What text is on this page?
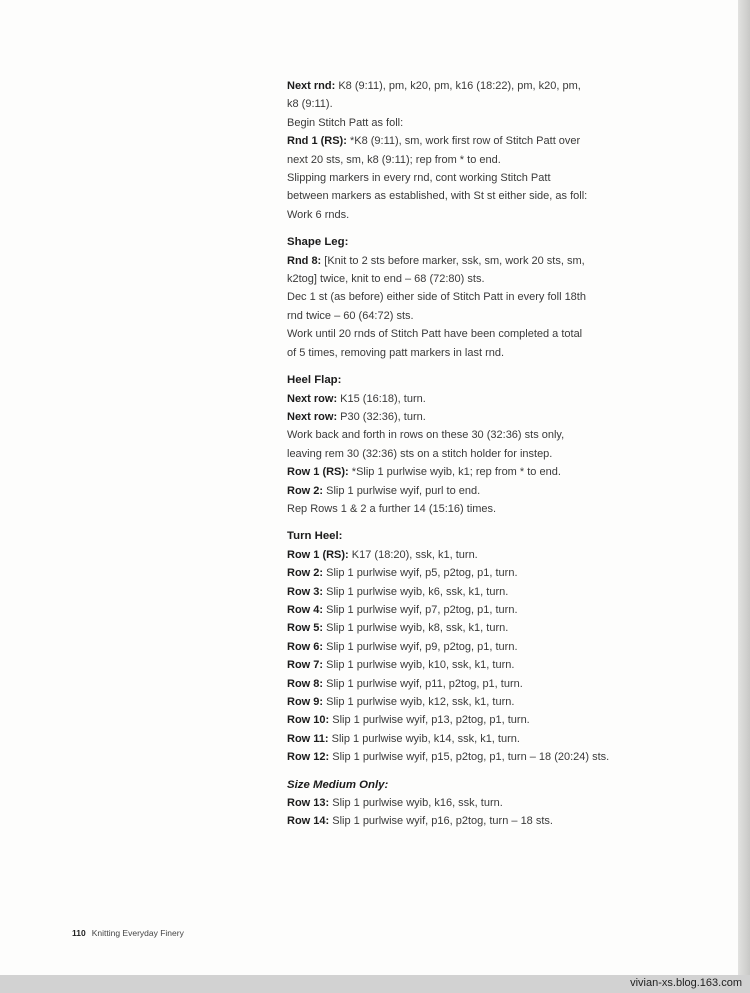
Next rnd: K8 (9:11), pm, k20, pm, k16 (18:22), pm, k20, pm,
k8 (9:11).
Begin Stitch Patt as foll:
Rnd 1 (RS): *K8 (9:11), sm, work first row of Stitch Patt over
next 20 sts, sm, k8 (9:11); rep from * to end.
Slipping markers in every rnd, cont working Stitch Patt
between markers as established, with St st either side, as foll:
Work 6 rnds.
Shape Leg:
Rnd 8: [Knit to 2 sts before marker, ssk, sm, work 20 sts, sm,
k2tog] twice, knit to end – 68 (72:80) sts.
Dec 1 st (as before) either side of Stitch Patt in every foll 18th
rnd twice – 60 (64:72) sts.
Work until 20 rnds of Stitch Patt have been completed a total
of 5 times, removing patt markers in last rnd.
Heel Flap:
Next row: K15 (16:18), turn.
Next row: P30 (32:36), turn.
Work back and forth in rows on these 30 (32:36) sts only,
leaving rem 30 (32:36) sts on a stitch holder for instep.
Row 1 (RS): *Slip 1 purlwise wyib, k1; rep from * to end.
Row 2: Slip 1 purlwise wyif, purl to end.
Rep Rows 1 & 2 a further 14 (15:16) times.
Turn Heel:
Row 1 (RS): K17 (18:20), ssk, k1, turn.
Row 2: Slip 1 purlwise wyif, p5, p2tog, p1, turn.
Row 3: Slip 1 purlwise wyib, k6, ssk, k1, turn.
Row 4: Slip 1 purlwise wyif, p7, p2tog, p1, turn.
Row 5: Slip 1 purlwise wyib, k8, ssk, k1, turn.
Row 6: Slip 1 purlwise wyif, p9, p2tog, p1, turn.
Row 7: Slip 1 purlwise wyib, k10, ssk, k1, turn.
Row 8: Slip 1 purlwise wyif, p11, p2tog, p1, turn.
Row 9: Slip 1 purlwise wyib, k12, ssk, k1, turn.
Row 10: Slip 1 purlwise wyif, p13, p2tog, p1, turn.
Row 11: Slip 1 purlwise wyib, k14, ssk, k1, turn.
Row 12: Slip 1 purlwise wyif, p15, p2tog, p1, turn – 18 (20:24) sts.
Size Medium Only:
Row 13: Slip 1 purlwise wyib, k16, ssk, turn.
Row 14: Slip 1 purlwise wyif, p16, p2tog, turn – 18 sts.
110 Knitting Everyday Finery
vivian-xs.blog.163.com
